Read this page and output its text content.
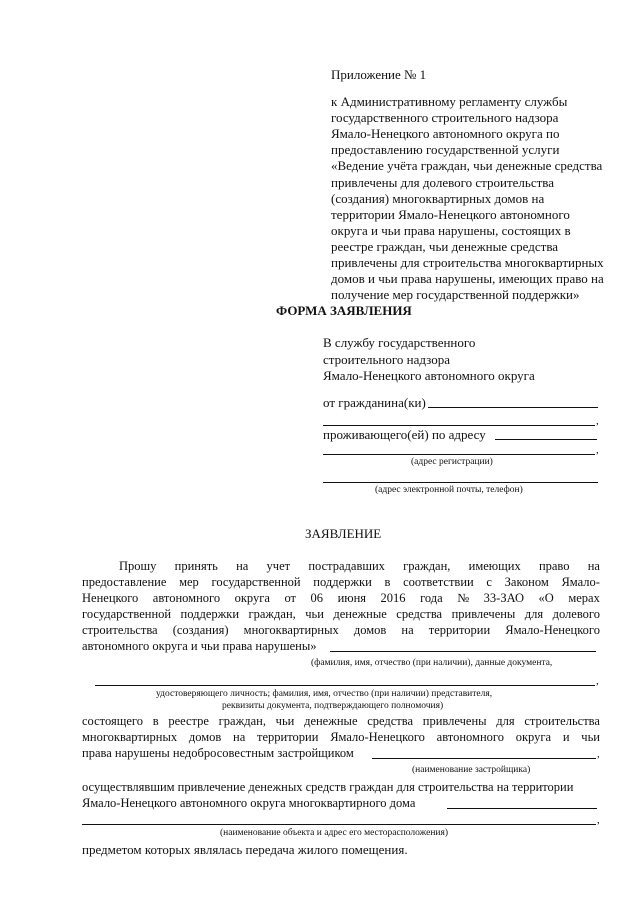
Приложение № 1
к Административному регламенту службы
государственного строительного надзора
Ямало-Ненецкого автономного округа по
предоставлению государственной услуги
«Ведение учёта граждан, чьи денежные средства
привлечены для долевого строительства
(создания) многоквартирных домов на
территории Ямало-Ненецкого автономного
округа и чьи права нарушены, состоящих в
реестре граждан, чьи денежные средства
привлечены для строительства многоквартирных
домов и чьи права нарушены, имеющих право на
получение мер государственной поддержки»
ФОРМА ЗАЯВЛЕНИЯ
В службу государственного
строительного надзора
Ямало-Ненецкого автономного округа
от гражданина(ки)
,
проживающего(ей) по адресу
,
(адрес регистрации)
(адрес электронной почты, телефон)
ЗАЯВЛЕНИЕ
Прошу принять на учет пострадавших граждан, имеющих право на
предоставление мер государственной поддержки в соответствии с Законом Ямало-
Ненецкого автономного округа от 06 июня 2016 года № 33-ЗАО «О мерах
государственной поддержки граждан, чьи денежные средства привлечены для долевого
строительства (создания) многоквартирных домов на территории Ямало-Ненецкого
автономного округа и чьи права нарушены»
(фамилия, имя, отчество (при наличии), данные документа,
,
удостоверяющего личность; фамилия, имя, отчество (при наличии) представителя,
реквизиты документа, подтверждающего полномочия)
состоящего в реестре граждан, чьи денежные средства привлечены для строительства
многоквартирных домов на территории Ямало-Ненецкого автономного округа и чьи
права нарушены недобросовестным застройщиком	,
(наименование застройщика)
осуществлявшим привлечение денежных средств граждан для строительства на территории
Ямало-Ненецкого автономного округа многоквартирного дома
,
(наименование объекта и адрес его месторасположения)
предметом которых являлась передача жилого помещения.
